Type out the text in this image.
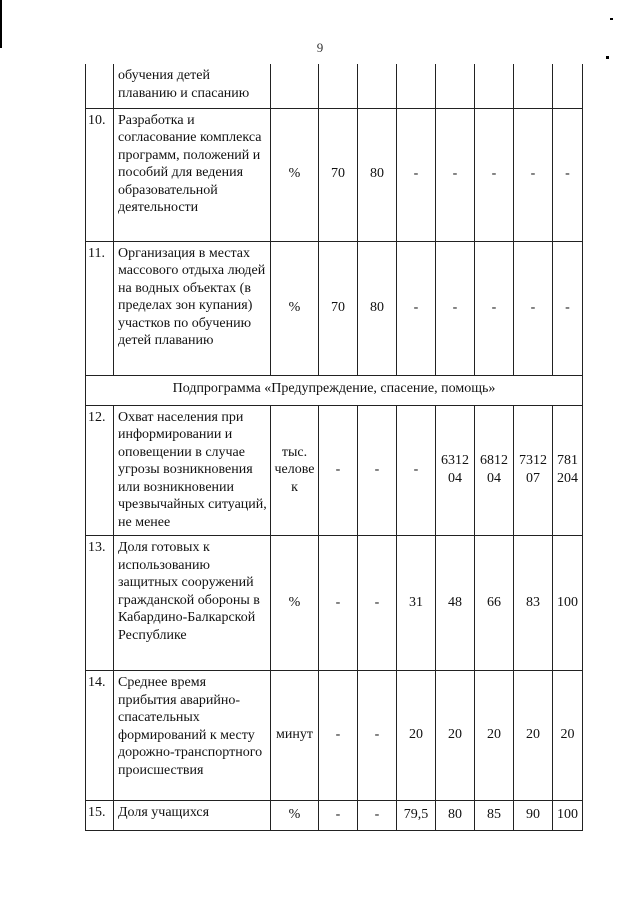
9
	обучения детей плаванию и спасанию								
10.	Разработка и согласование комплекса программ, положений и пособий для ведения образовательной деятельности	%	70	80	-	-	-	-	-
11.	Организация в местах массового отдыха людей на водных объектах (в пределах зон купания) участков по обучению детей плаванию	%	70	80	-	-	-	-	-
Подпрограмма «Предупреждение, спасение, помощь»									
12.	Охват населения при информировании и оповещении в случае угрозы возникновения или возникновении чрезвычайных ситуаций, не менее	тыс. человек	-	-	-	631204	681204	731207	781204
13.	Доля готовых к использованию защитных сооружений гражданской обороны в Кабардино-Балкарской Республике	%	-	-	31	48	66	83	100
14.	Среднее время прибытия аварийно-спасательных формирований к месту дорожно-транспортного происшествия	минут	-	-	20	20	20	20	20
15.	Доля учащихся	%	-	-	79,5	80	85	90	100
